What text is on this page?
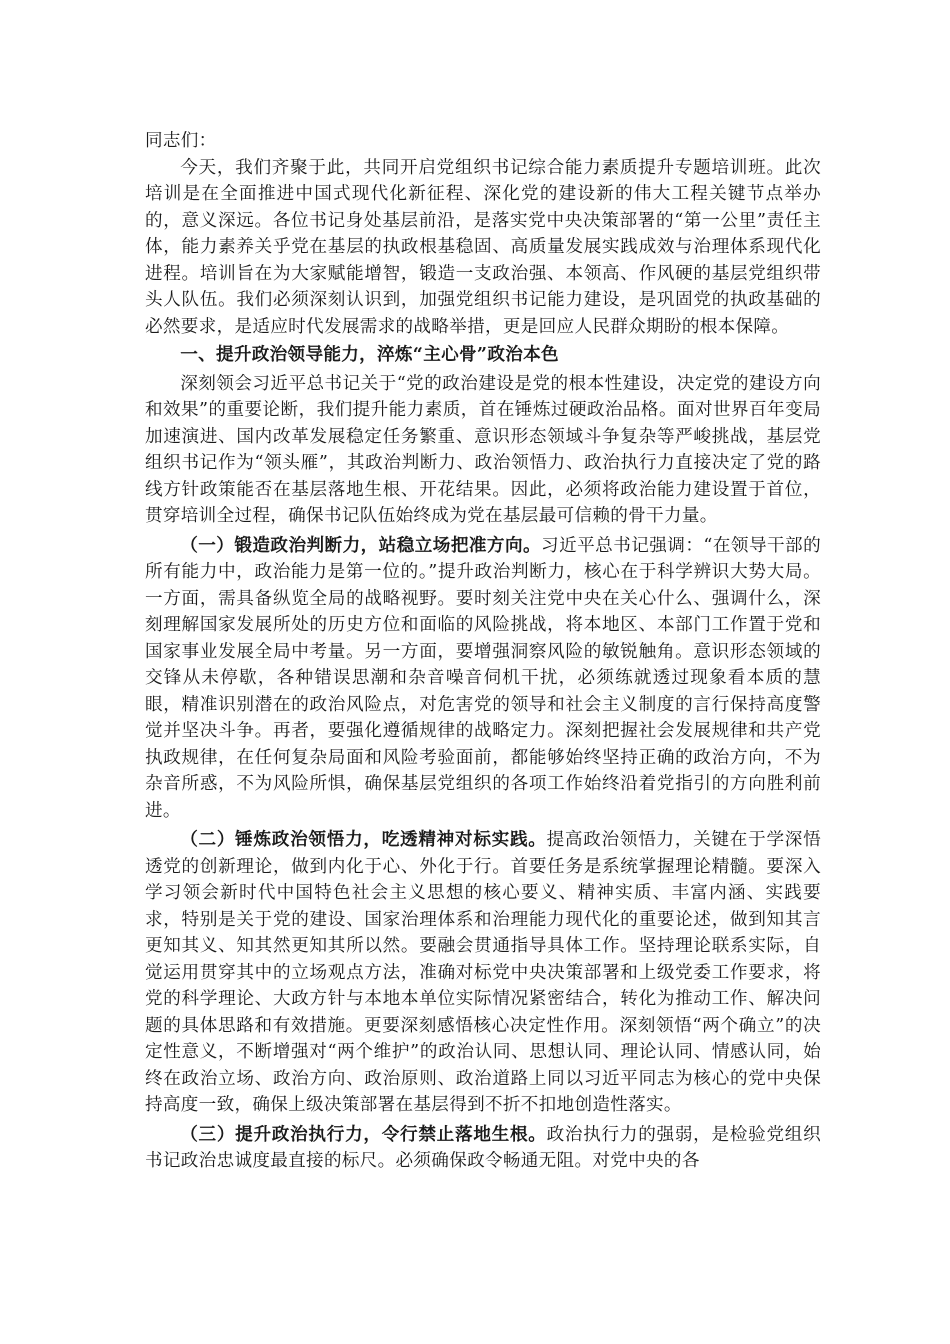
同志们：

今天，我们齐聚于此，共同开启党组织书记综合能力素质提升专题培训班。此次培训是在全面推进中国式现代化新征程、深化党的建设新的伟大工程关键节点举办的，意义深远。各位书记身处基层前沿，是落实党中央决策部署的“第一公里”责任主体，能力素养关乎党在基层的执政根基稳固、高质量发展实践成效与治理体系现代化进程。培训旨在为大家赋能增智，锻造一支政治强、本领高、作风硬的基层党组织带头人队伍。我们必须深刻认识到，加强党组织书记能力建设，是巩固党的执政基础的必然要求，是适应时代发展需求的战略举措，更是回应人民群众期盼的根本保障。

一、提升政治领导能力，淬炼“主心骨”政治本色

深刻领会习近平总书记关于“党的政治建设是党的根本性建设，决定党的建设方向和效果”的重要论断，我们提升能力素质，首在锤炼过硬政治品格。面对世界百年变局加速演进、国内改革发展稳定任务繁重、意识形态领域斗争复杂等严峻挑战，基层党组织书记作为“领头雁”，其政治判断力、政治领悟力、政治执行力直接决定了党的路线方针政策能否在基层落地生根、开花结果。因此，必须将政治能力建设置于首位，贯穿培训全过程，确保书记队伍始终成为党在基层最可信赖的骨干力量。

（一）锻造政治判断力，站稳立场把准方向。习近平总书记强调：“在领导干部的所有能力中，政治能力是第一位的。”提升政治判断力，核心在于科学辨识大势大局。一方面，需具备纵览全局的战略视野。要时刻关注党中央在关心什么、强调什么，深刻理解国家发展所处的历史方位和面临的风险挑战，将本地区、本部门工作置于党和国家事业发展全局中考量。另一方面，要增强洞察风险的敏锐触角。意识形态领域的交锋从未停歇，各种错误思潮和杂音噪音伺机干扰，必须练就透过现象看本质的慧眼，精准识别潜在的政治风险点，对危害党的领导和社会主义制度的言行保持高度警觉并坚决斗争。再者，要强化遵循规律的战略定力。深刻把握社会发展规律和共产党执政规律，在任何复杂局面和风险考验面前，都能够始终坚持正确的政治方向，不为杂音所惑，不为风险所惧，确保基层党组织的各项工作始终沿着党指引的方向胜利前进。

（二）锤炼政治领悟力，吃透精神对标实践。提高政治领悟力，关键在于学深悟透党的创新理论，做到内化于心、外化于行。首要任务是系统掌握理论精髓。要深入学习领会新时代中国特色社会主义思想的核心要义、精神实质、丰富内涵、实践要求，特别是关于党的建设、国家治理体系和治理能力现代化的重要论述，做到知其言更知其义、知其然更知其所以然。要融会贯通指导具体工作。坚持理论联系实际，自觉运用贯穿其中的立场观点方法，准确对标党中央决策部署和上级党委工作要求，将党的科学理论、大政方针与本地本单位实际情况紧密结合，转化为推动工作、解决问题的具体思路和有效措施。更要深刻感悟核心决定性作用。深刻领悟“两个确立”的决定性意义，不断增强对“两个维护”的政治认同、思想认同、理论认同、情感认同，始终在政治立场、政治方向、政治原则、政治道路上同以习近平同志为核心的党中央保持高度一致，确保上级决策部署在基层得到不折不扣地创造性落实。

（三）提升政治执行力，令行禁止落地生根。政治执行力的强弱，是检验党组织书记政治忠诚度最直接的标尺。必须确保政令畅通无阻。对党中央的各
